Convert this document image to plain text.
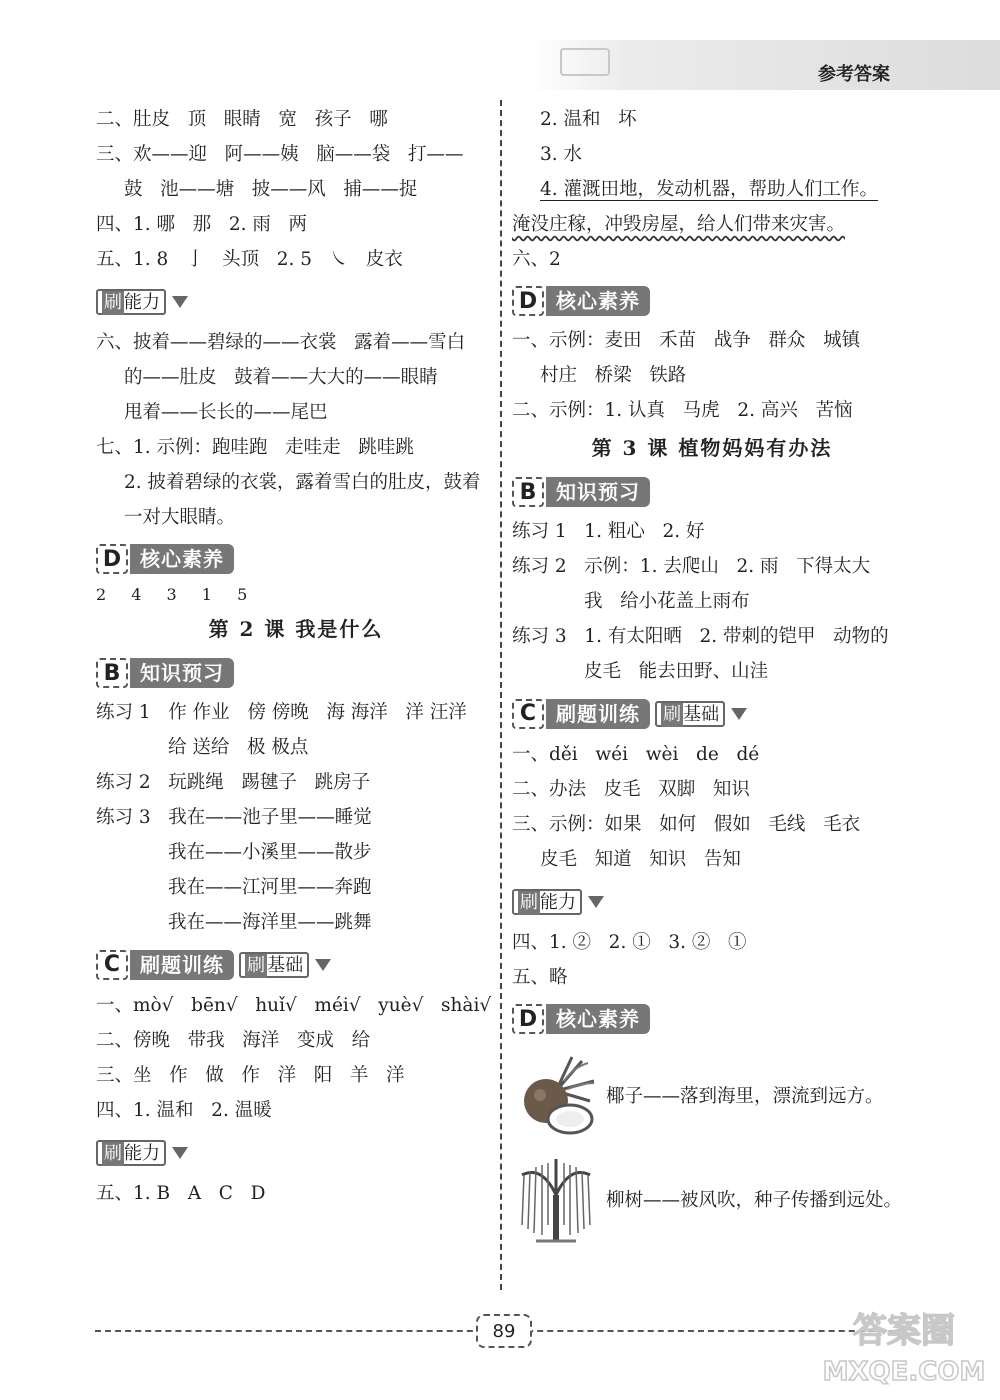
参考答案
二、肚皮   顶   眼睛   宽   孩子   哪
三、欢——迎   阿——姨   脑——袋   打——
鼓   池——塘   披——风   捕——捉
四、1. 哪   那   2. 雨   两
五、1. 8   亅   头顶   2. 5   ㇏   皮衣
刷 能力
六、披着——碧绿的——衣裳   露着——雪白
的——肚皮   鼓着——大大的——眼睛
甩着——长长的——尾巴
七、1. 示例：跑哇跑   走哇走   跳哇跳
2. 披着碧绿的衣裳，露着雪白的肚皮，鼓着
一对大眼睛。
D 核心素养
2 4 3 1 5
第 2 课 我是什么
B 知识预习
练习 1   作 作业   傍 傍晚   海 海洋   洋 汪洋
给 送给   极 极点
练习 2   玩跳绳   踢毽子   跳房子
练习 3   我在——池子里——睡觉
我在——小溪里——散步
我在——江河里——奔跑
我在——海洋里——跳舞
C 刷题训练
	刷 基础
一、mò√   bēn√   huǐ√   méi√   yuè√   shài√
二、傍晚   带我   海洋   变成   给
三、坐   作   做   作   洋   阳   羊   洋
四、1. 温和   2. 温暖
刷 能力
五、1. B   A   C   D
2. 温和   坏
3. 水
4. 灌溉田地，发动机器，帮助人们工作。
淹没庄稼，冲毁房屋，给人们带来灾害。
六、2
D 核心素养
一、示例：麦田   禾苗   战争   群众   城镇
村庄   桥梁   铁路
二、示例：1. 认真   马虎   2. 高兴   苦恼
第 3 课 植物妈妈有办法
B 知识预习
练习 1   1. 粗心   2. 好
练习 2   示例：1. 去爬山   2. 雨   下得太大
我   给小花盖上雨布
练习 3   1. 有太阳晒   2. 带刺的铠甲   动物的
皮毛   能去田野、山洼
C 刷题训练
	刷 基础
一、děi   wéi   wèi   de   dé
二、办法   皮毛   双脚   知识
三、示例：如果   如何   假如   毛线   毛衣
皮毛   知道   知识   告知
刷 能力
四、1. ②   2. ①   3. ②   ①
五、略
D 核心素养
椰子——落到海里，漂流到远方。
柳树——被风吹，种子传播到远处。
89	答案圈
MXQE.COM
